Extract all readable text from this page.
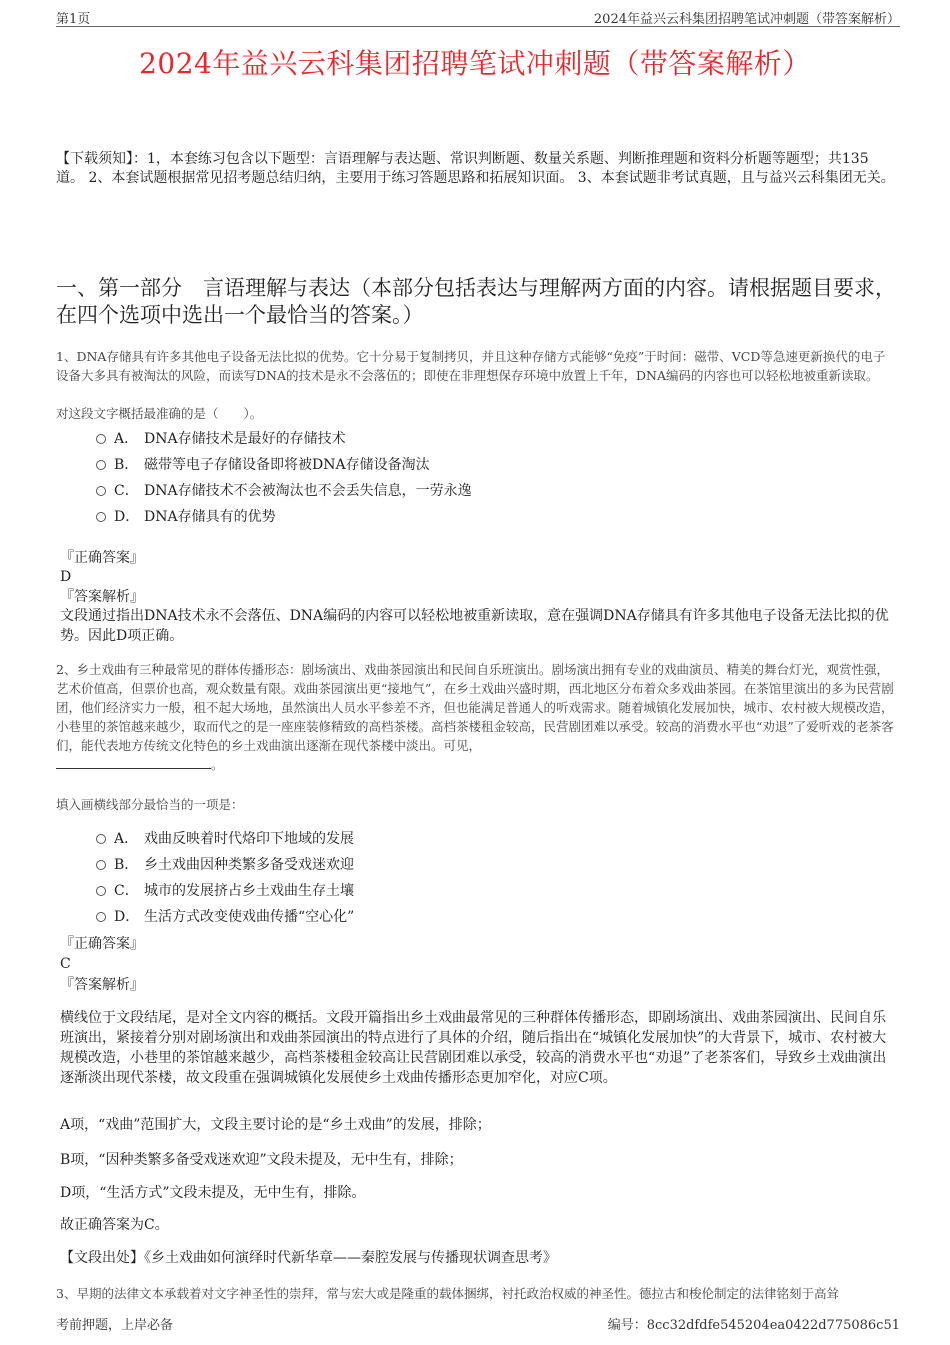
第1页	2024年益兴云科集团招聘笔试冲刺题（带答案解析）
2024年益兴云科集团招聘笔试冲刺题（带答案解析）
【下载须知】：1，本套练习包含以下题型：言语理解与表达题、常识判断题、数量关系题、判断推理题和资料分析题等题型；共135道。 2、本套试题根据常见招考题总结归纳，主要用于练习答题思路和拓展知识面。 3、本套试题非考试真题，且与益兴云科集团无关。
一、第一部分　言语理解与表达（本部分包括表达与理解两方面的内容。请根据题目要求，在四个选项中选出一个最恰当的答案。）
1、DNA存储具有许多其他电子设备无法比拟的优势。它十分易于复制拷贝，并且这种存储方式能够“免疫”于时间：磁带、VCD等急速更新换代的电子设备大多具有被淘汰的风险，而读写DNA的技术是永不会落伍的；即使在非理想保存环境中放置上千年，DNA编码的内容也可以轻松地被重新读取。
对这段文字概括最准确的是（　　）。
A． DNA存储技术是最好的存储技术
B． 磁带等电子存储设备即将被DNA存储设备淘汰
C． DNA存储技术不会被淘汰也不会丢失信息，一劳永逸
D． DNA存储具有的优势
『正确答案』
D
『答案解析』
文段通过指出DNA技术永不会落伍、DNA编码的内容可以轻松地被重新读取，意在强调DNA存储具有许多其他电子设备无法比拟的优势。因此D项正确。
2、乡土戏曲有三种最常见的群体传播形态：剧场演出、戏曲茶园演出和民间自乐班演出。剧场演出拥有专业的戏曲演员、精美的舞台灯光，观赏性强，艺术价值高，但票价也高，观众数量有限。戏曲茶园演出更“接地气”，在乡土戏曲兴盛时期，西北地区分布着众多戏曲茶园。在茶馆里演出的多为民营剧团，他们经济实力一般，租不起大场地，虽然演出人员水平参差不齐，但也能满足普通人的听戏需求。随着城镇化发展加快，城市、农村被大规模改造，小巷里的茶馆越来越少，取而代之的是一座座装修精致的高档茶楼。高档茶楼租金较高，民营剧团难以承受。较高的消费水平也“劝退”了爱听戏的老茶客们，能代表地方传统文化特色的乡土戏曲演出逐渐在现代茶楼中淡出。可见，
。
填入画横线部分最恰当的一项是：
A． 戏曲反映着时代烙印下地域的发展
B． 乡土戏曲因种类繁多备受戏迷欢迎
C． 城市的发展挤占乡土戏曲生存土壤
D． 生活方式改变使戏曲传播“空心化”
『正确答案』
C
『答案解析』
横线位于文段结尾，是对全文内容的概括。文段开篇指出乡土戏曲最常见的三种群体传播形态，即剧场演出、戏曲茶园演出、民间自乐班演出，紧接着分别对剧场演出和戏曲茶园演出的特点进行了具体的介绍，随后指出在“城镇化发展加快”的大背景下，城市、农村被大规模改造，小巷里的茶馆越来越少，高档茶楼租金较高让民营剧团难以承受，较高的消费水平也“劝退”了老茶客们，导致乡土戏曲演出逐渐淡出现代茶楼，故文段重在强调城镇化发展使乡土戏曲传播形态更加窄化，对应C项。
A项，“戏曲”范围扩大，文段主要讨论的是“乡土戏曲”的发展，排除；
B项，“因种类繁多备受戏迷欢迎”文段未提及，无中生有，排除；
D项，“生活方式”文段未提及，无中生有，排除。
故正确答案为C。
【文段出处】《乡土戏曲如何演绎时代新华章——秦腔发展与传播现状调查思考》
3、早期的法律文本承载着对文字神圣性的崇拜，常与宏大或是隆重的载体捆绑，衬托政治权威的神圣性。德拉古和梭伦制定的法律铭刻于高耸
考前押题，上岸必备	编号：8cc32dfdfe545204ea0422d775086c51
